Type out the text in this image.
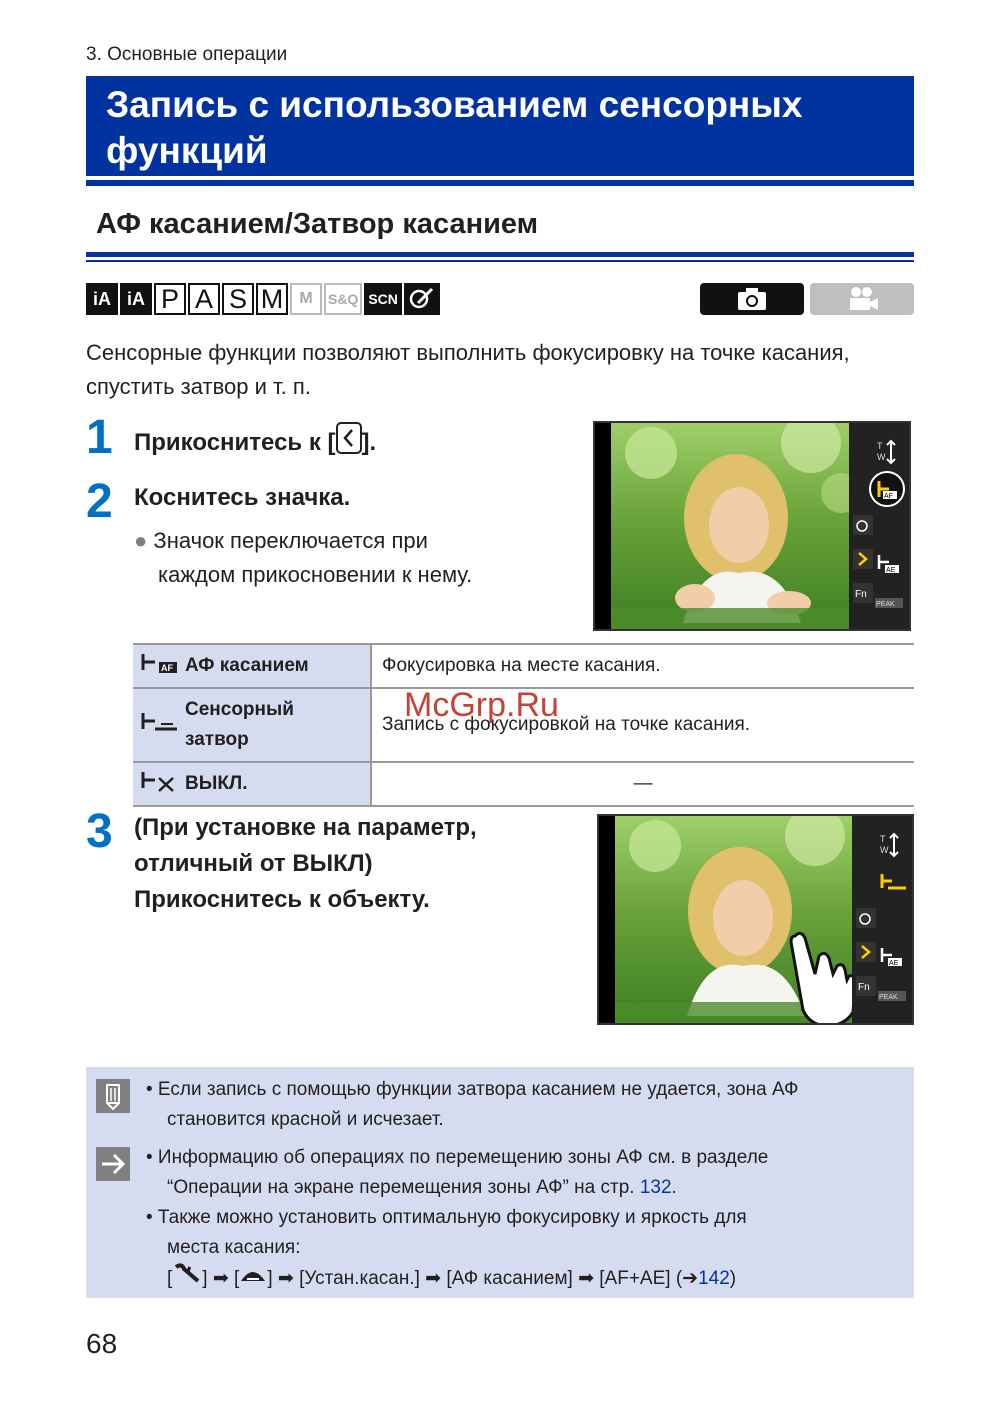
3. Основные операции
Запись с использованием сенсорных функций
АФ касанием/Затвор касанием
iA iA P A S M	M	S&Q SCN
Сенсорные функции позволяют выполнить фокусировку на точке касания, спустить затвор и т. п.
1 Прикоснитесь к [ ].
2 Коснитесь значка.
● Значок переключается при
каждом прикосновении к нему.
T
W
AF
AE
Fn
PEAK
AF АФ касанием	Фокусировка на месте касания.
Сенсорный
затвор	Запись с фокусировкой на точке касания.
ВЫКЛ.	—
McGrp.Ru
3 (При установке на параметр,
отличный от ВЫКЛ)
Прикоснитесь к объекту.
T
W
AE
Fn
PEAK
• Если запись с помощью функции затвора касанием не удается, зона АФ
становится красной и исчезает.
• Информацию об операциях по перемещению зоны АФ см. в разделе
“Операции на экране перемещения зоны АФ” на стр. 132.
• Также можно установить оптимальную фокусировку и яркость для
места касания:
[ ] ➡ [ ] ➡ [Устан.касан.] ➡ [АФ касанием] ➡ [AF+AE] (➔142)
68
